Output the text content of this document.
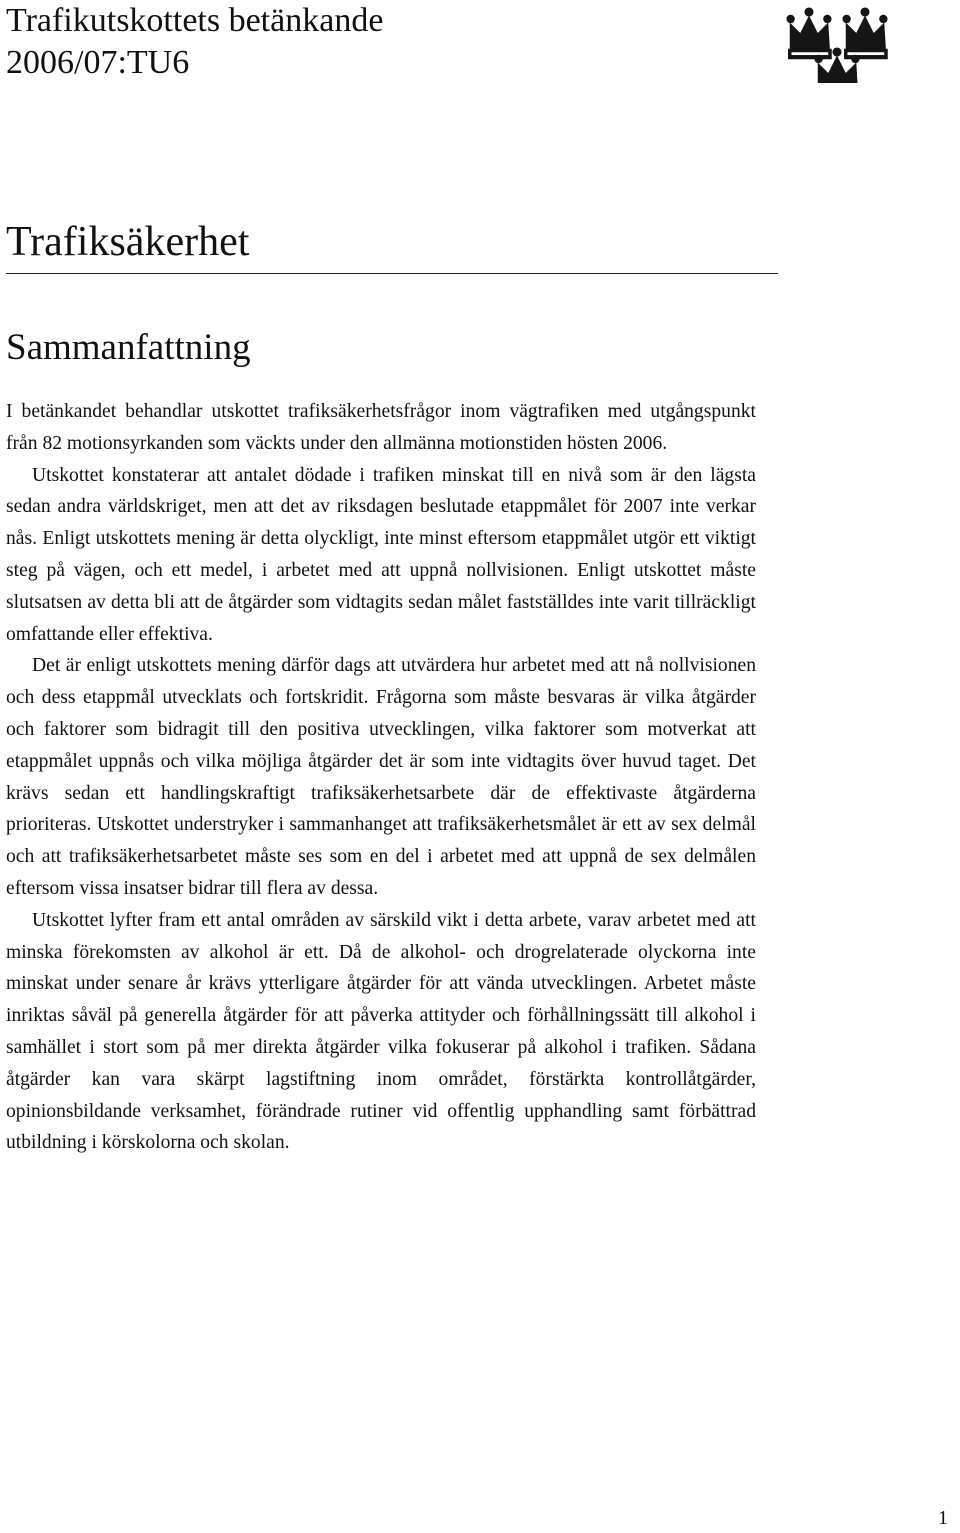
Trafikutskottets betänkande
2006/07:TU6
Trafiksäkerhet
Sammanfattning

I betänkandet behandlar utskottet trafiksäkerhetsfrågor inom vägtrafiken med utgångspunkt från 82 motionsyrkanden som väckts under den allmänna motionstiden hösten 2006.

Utskottet konstaterar att antalet dödade i trafiken minskat till en nivå som är den lägsta sedan andra världskriget, men att det av riksdagen beslutade etappmålet för 2007 inte verkar nås. Enligt utskottets mening är detta olyckligt, inte minst eftersom etappmålet utgör ett viktigt steg på vägen, och ett medel, i arbetet med att uppnå nollvisionen. Enligt utskottet måste slutsatsen av detta bli att de åtgärder som vidtagits sedan målet fastställdes inte varit tillräckligt omfattande eller effektiva.

Det är enligt utskottets mening därför dags att utvärdera hur arbetet med att nå nollvisionen och dess etappmål utvecklats och fortskridit. Frågorna som måste besvaras är vilka åtgärder och faktorer som bidragit till den positiva utvecklingen, vilka faktorer som motverkat att etappmålet uppnås och vilka möjliga åtgärder det är som inte vidtagits över huvud taget. Det krävs sedan ett handlingskraftigt trafiksäkerhetsarbete där de effektivaste åtgärderna prioriteras. Utskottet understryker i sammanhanget att trafiksäkerhetsmålet är ett av sex delmål och att trafiksäkerhetsarbetet måste ses som en del i arbetet med att uppnå de sex delmålen eftersom vissa insatser bidrar till flera av dessa.

Utskottet lyfter fram ett antal områden av särskild vikt i detta arbete, varav arbetet med att minska förekomsten av alkohol är ett. Då de alkohol- och drogrelaterade olyckorna inte minskat under senare år krävs ytterligare åtgärder för att vända utvecklingen. Arbetet måste inriktas såväl på generella åtgärder för att påverka attityder och förhållningssätt till alkohol i samhället i stort som på mer direkta åtgärder vilka fokuserar på alkohol i trafiken. Sådana åtgärder kan vara skärpt lagstiftning inom området, förstärkta kontrollåtgärder, opinionsbildande verksamhet, förändrade rutiner vid offentlig upphandling samt förbättrad utbildning i körskolorna och skolan.

1
